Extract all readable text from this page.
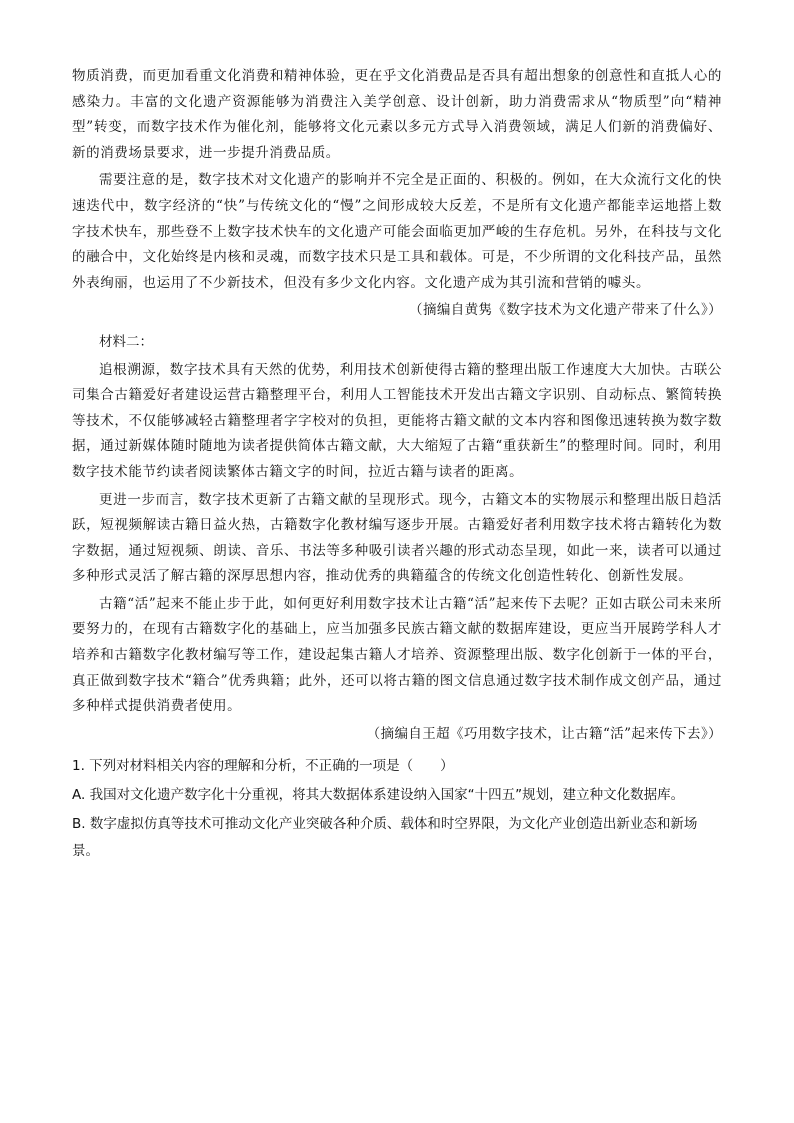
物质消费，而更加看重文化消费和精神体验，更在乎文化消费品是否具有超出想象的创意性和直抵人心的感染力。丰富的文化遗产资源能够为消费注入美学创意、设计创新，助力消费需求从“物质型”向“精神型”转变，而数字技术作为催化剂，能够将文化元素以多元方式导入消费领域，满足人们新的消费偏好、新的消费场景要求，进一步提升消费品质。

需要注意的是，数字技术对文化遗产的影响并不完全是正面的、积极的。例如，在大众流行文化的快速迭代中，数字经济的“快”与传统文化的“慢”之间形成较大反差，不是所有文化遗产都能幸运地搭上数字技术快车，那些登不上数字技术快车的文化遗产可能会面临更加严峻的生存危机。另外，在科技与文化的融合中，文化始终是内核和灵魂，而数字技术只是工具和载体。可是，不少所谓的文化科技产品，虽然外表绚丽，也运用了不少新技术，但没有多少文化内容。文化遗产成为其引流和营销的噱头。

（摘编自黄隽《数字技术为文化遗产带来了什么》）
材料二：

追根溯源，数字技术具有天然的优势，利用技术创新使得古籍的整理出版工作速度大大加快。古联公司集合古籍爱好者建设运营古籍整理平台，利用人工智能技术开发出古籍文字识别、自动标点、繁简转换等技术，不仅能够减轻古籍整理者字字校对的负担，更能将古籍文献的文本内容和图像迅速转换为数字数据，通过新媒体随时随地为读者提供简体古籍文献，大大缩短了古籍“重获新生”的整理时间。同时，利用数字技术能节约读者阅读繁体古籍文字的时间，拉近古籍与读者的距离。

更进一步而言，数字技术更新了古籍文献的呈现形式。现今，古籍文本的实物展示和整理出版日趋活跃，短视频解读古籍日益火热，古籍数字化教材编写逐步开展。古籍爱好者利用数字技术将古籍转化为数字数据，通过短视频、朗读、音乐、书法等多种吸引读者兴趣的形式动态呈现，如此一来，读者可以通过多种形式灵活了解古籍的深厚思想内容，推动优秀的典籍蕴含的传统文化创造性转化、创新性发展。

古籍“活”起来不能止步于此，如何更好利用数字技术让古籍“活”起来传下去呢？正如古联公司未来所要努力的，在现有古籍数字化的基础上，应当加强多民族古籍文献的数据库建设，更应当开展跨学科人才培养和古籍数字化教材编写等工作，建设起集古籍人才培养、资源整理出版、数字化创新于一体的平台，真正做到数字技术“籍合”优秀典籍；此外，还可以将古籍的图文信息通过数字技术制作成文创产品，通过多种样式提供消费者使用。

（摘编自王超《巧用数字技术，让古籍“活”起来传下去》）
1. 下列对材料相关内容的理解和分析，不正确的一项是（　　）
A. 我国对文化遗产数字化十分重视，将其大数据体系建设纳入国家“十四五”规划，建立种文化数据库。
B. 数字虚拟仿真等技术可推动文化产业突破各种介质、载体和时空界限，为文化产业创造出新业态和新场景。
